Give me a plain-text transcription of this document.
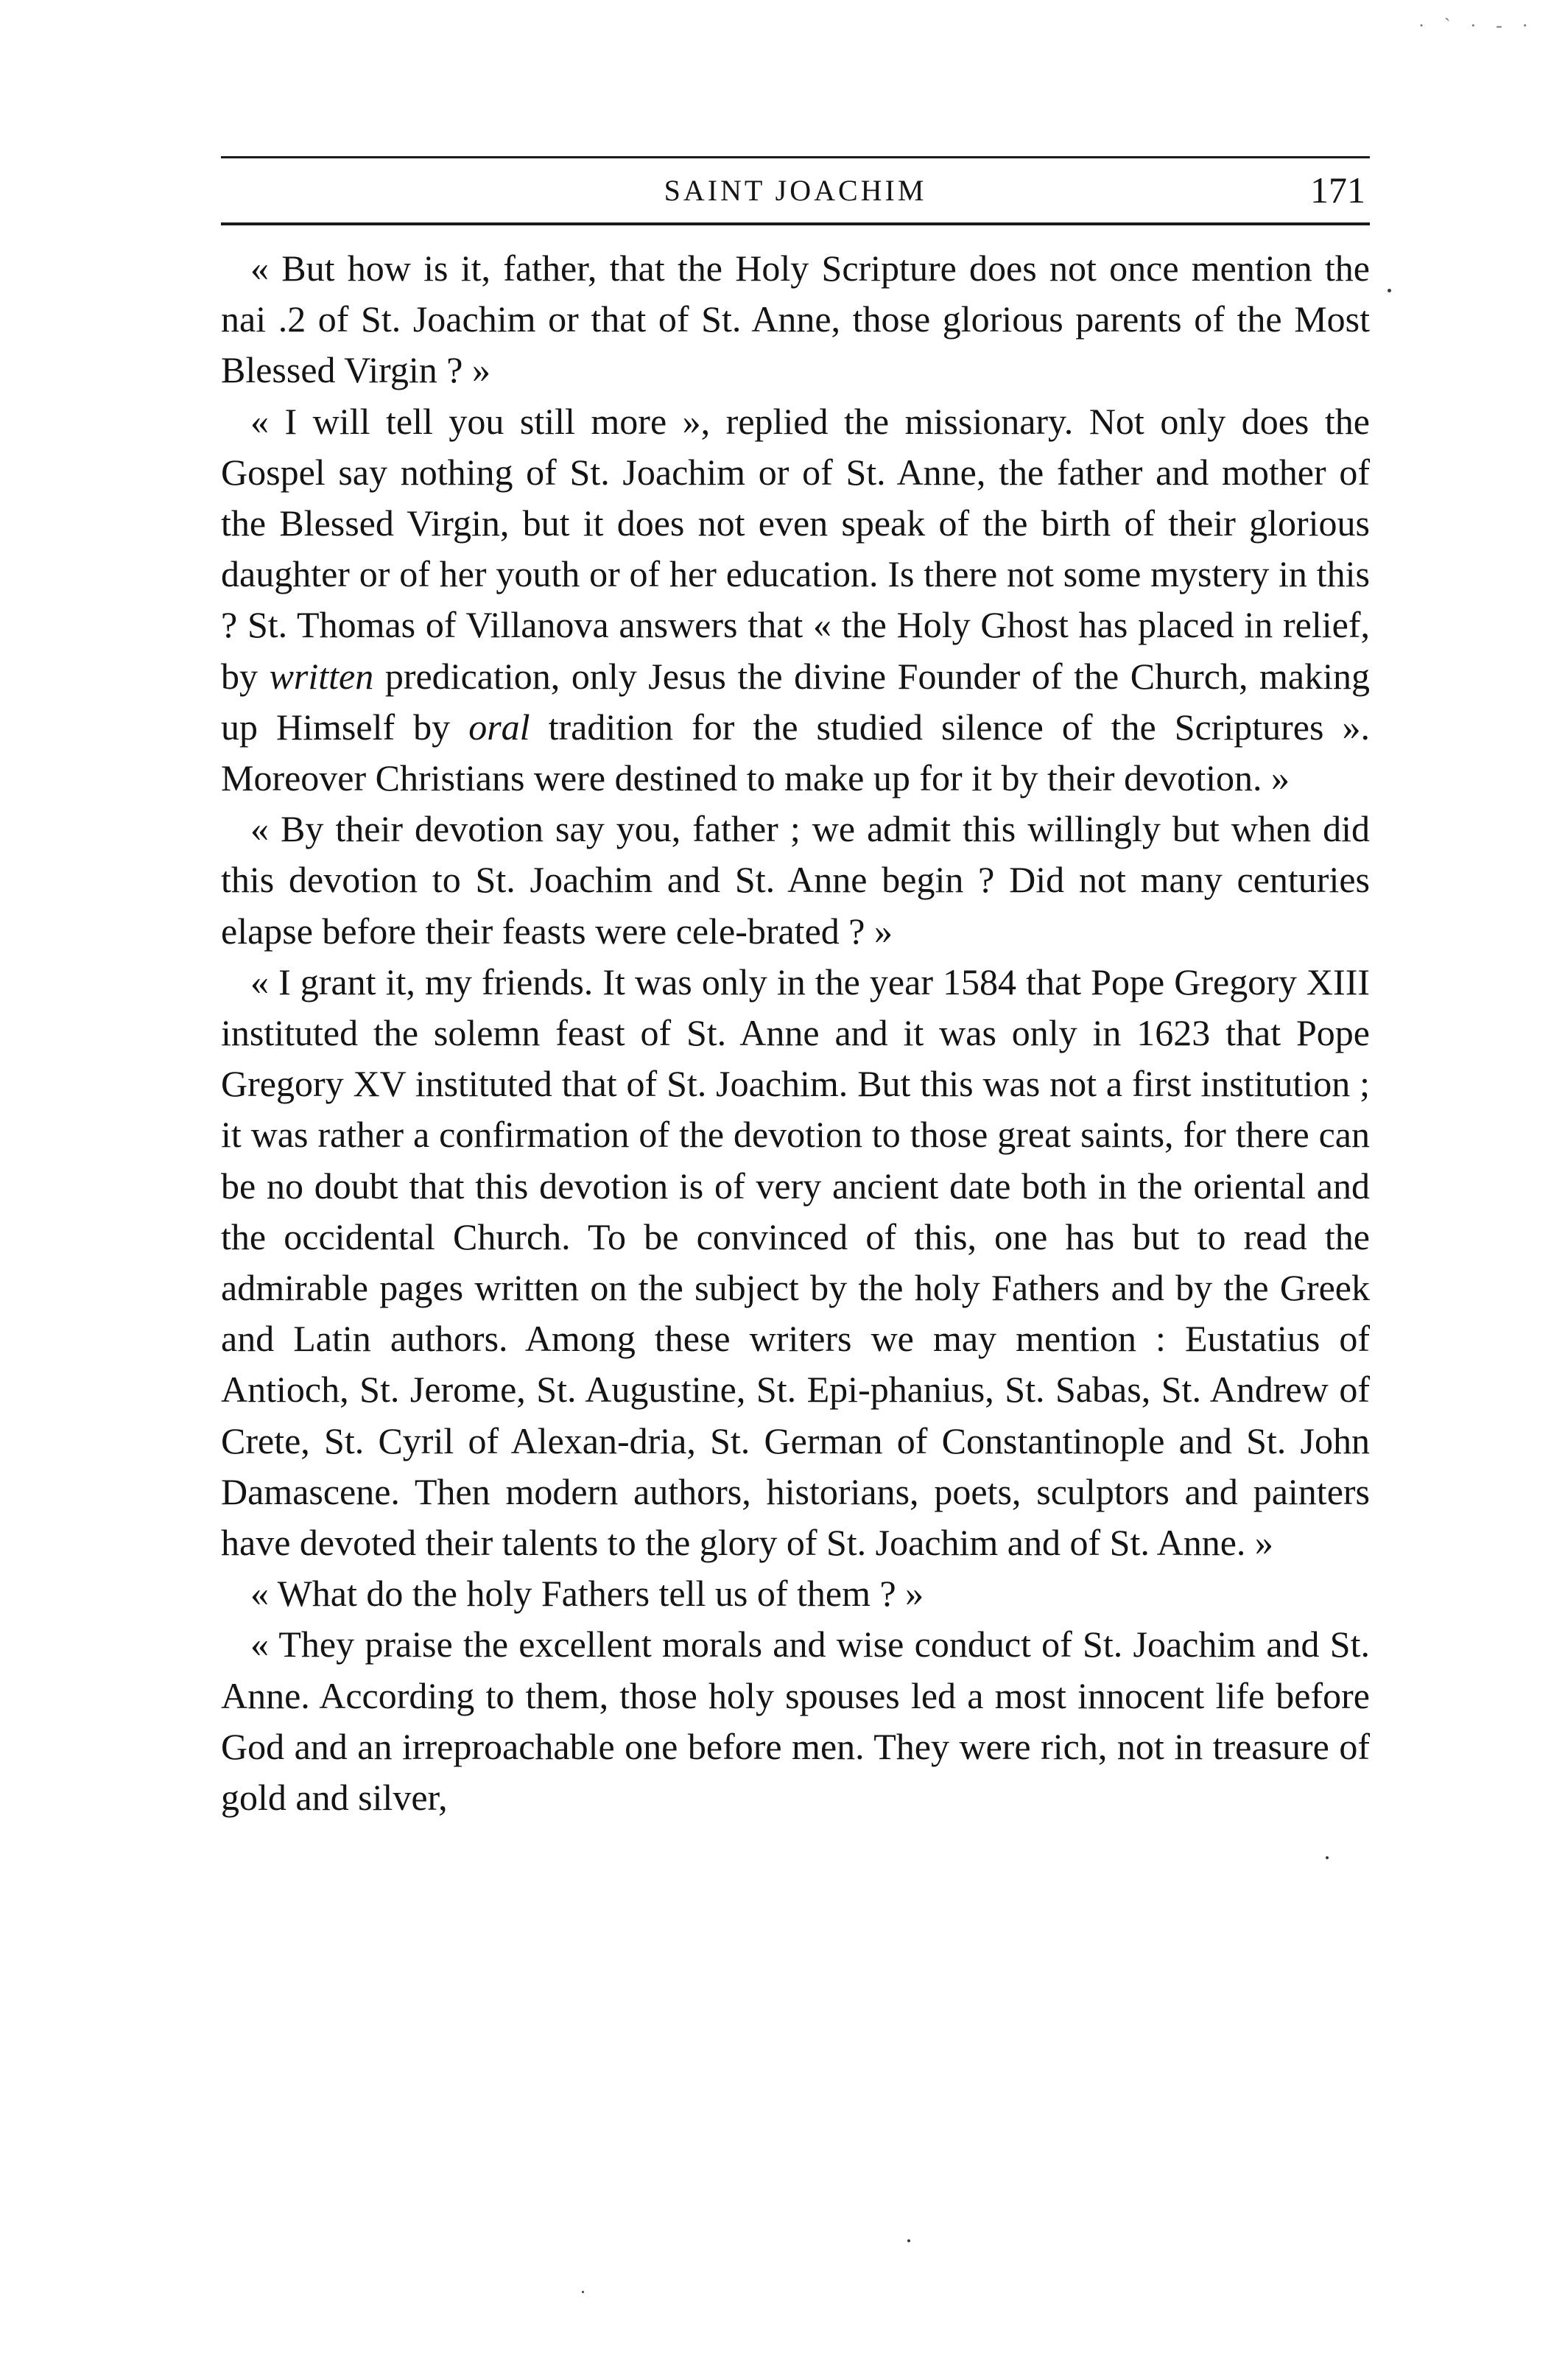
· ` · ‐ ·
SAINT JOACHIM	171

« But how is it, father, that the Holy Scripture does not once mention the nai .2 of St. Joachim or that of St. Anne, those glorious parents of the Most Blessed Virgin ? »

« I will tell you still more », replied the missionary. Not only does the Gospel say nothing of St. Joachim or of St. Anne, the father and mother of the Blessed Virgin, but it does not even speak of the birth of their glorious daughter or of her youth or of her education. Is there not some mystery in this ? St. Thomas of Villanova answers that « the Holy Ghost has placed in relief, by written predication, only Jesus the divine Founder of the Church, making up Himself by oral tradition for the studied silence of the Scriptures ». Moreover Christians were destined to make up for it by their devotion. »

« By their devotion say you, father ; we admit this willingly but when did this devotion to St. Joachim and St. Anne begin ? Did not many centuries elapse before their feasts were cele-brated ? »

« I grant it, my friends. It was only in the year 1584 that Pope Gregory XIII instituted the solemn feast of St. Anne and it was only in 1623 that Pope Gregory XV instituted that of St. Joachim. But this was not a first institution ; it was rather a confirmation of the devotion to those great saints, for there can be no doubt that this devotion is of very ancient date both in the oriental and the occidental Church. To be convinced of this, one has but to read the admirable pages written on the subject by the holy Fathers and by the Greek and Latin authors. Among these writers we may mention : Eustatius of Antioch, St. Jerome, St. Augustine, St. Epi-phanius, St. Sabas, St. Andrew of Crete, St. Cyril of Alexan-dria, St. German of Constantinople and St. John Damascene. Then modern authors, historians, poets, sculptors and painters have devoted their talents to the glory of St. Joachim and of St. Anne. »

« What do the holy Fathers tell us of them ? »

« They praise the excellent morals and wise conduct of St. Joachim and St. Anne. According to them, those holy spouses led a most innocent life before God and an irreproachable one before men. They were rich, not in treasure of gold and silver,
